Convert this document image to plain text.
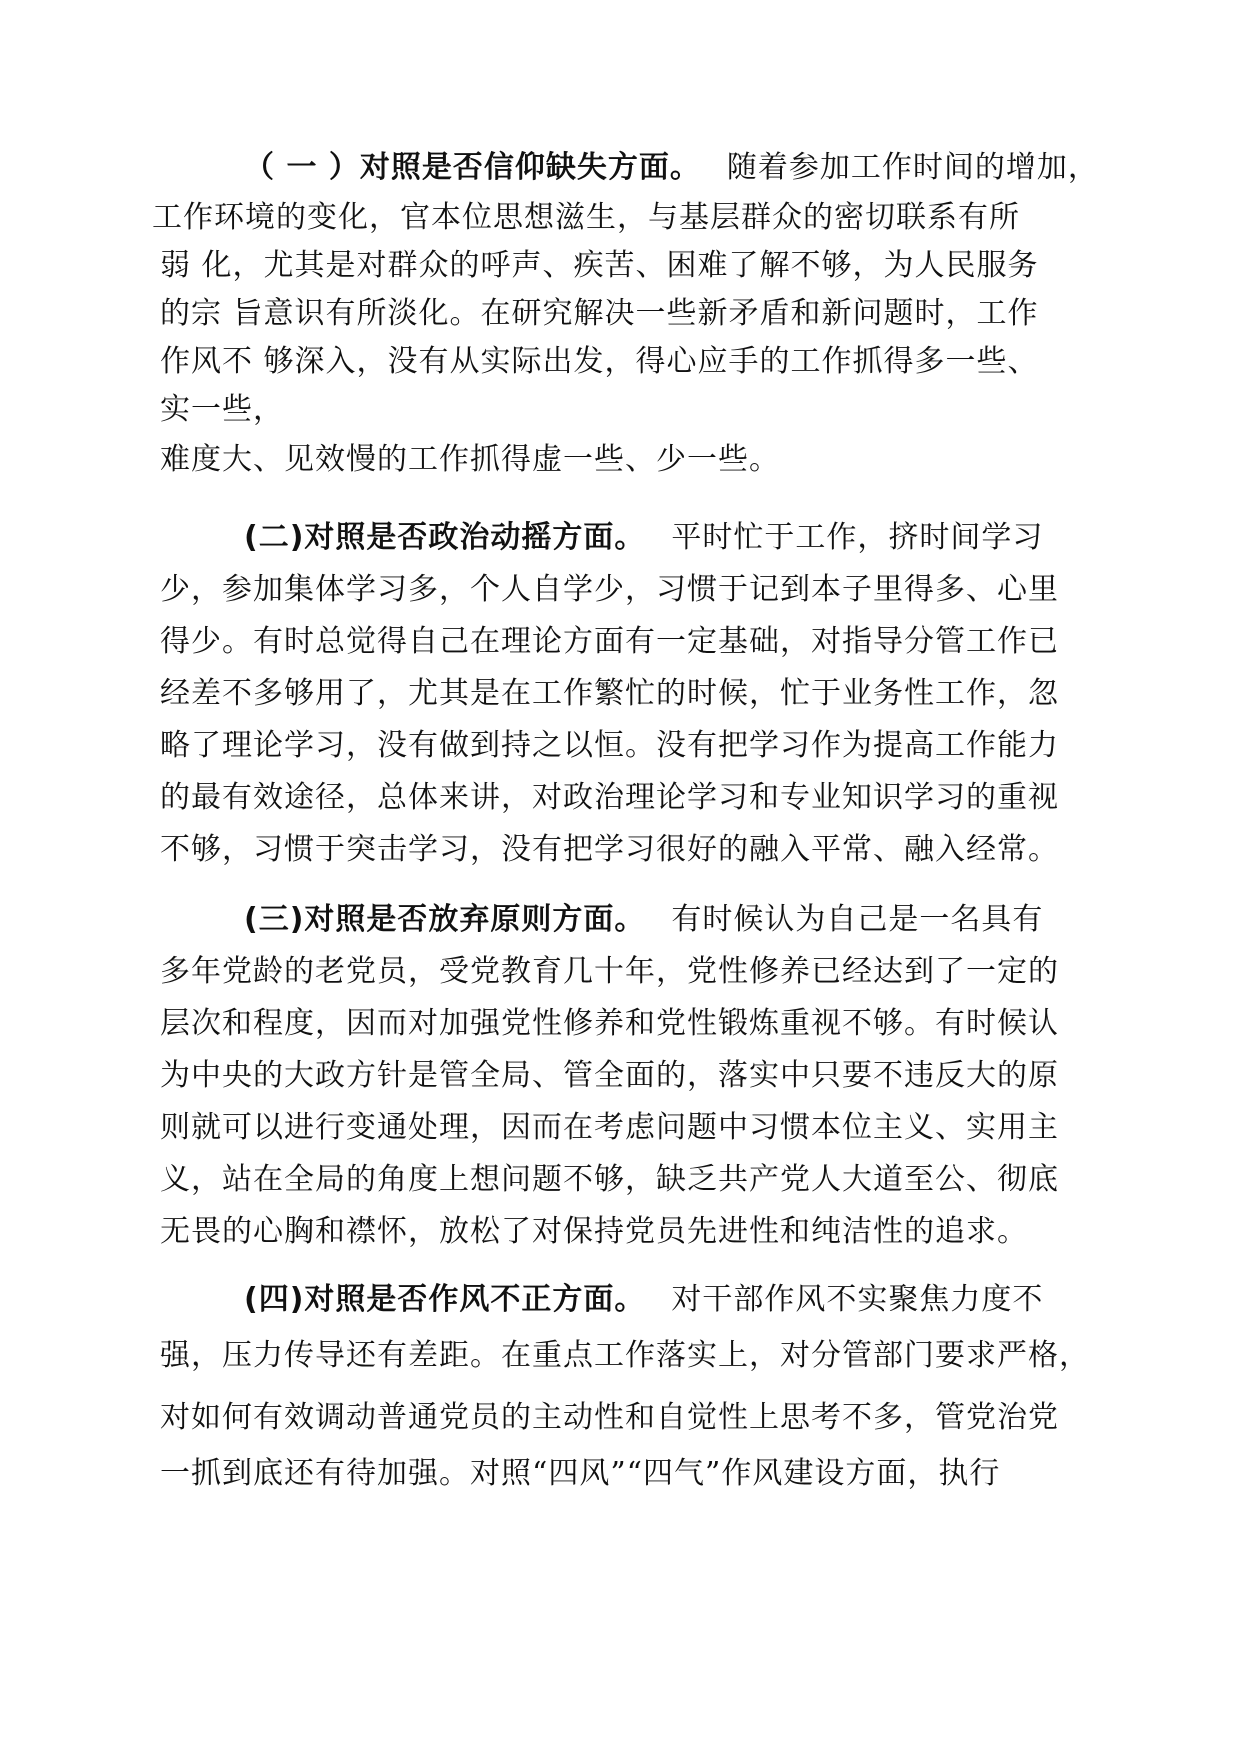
（ 一 ）对照是否信仰缺失方面。 随着参加工作时间的增加，
工作环境的变化，官本位思想滋生，与基层群众的密切联系有所
弱 化，尤其是对群众的呼声、疾苦、困难了解不够，为人民服务
的宗 旨意识有所淡化。在研究解决一些新矛盾和新问题时，工作
作风不 够深入，没有从实际出发，得心应手的工作抓得多一些、
实一些，
难度大、见效慢的工作抓得虚一些、少一些。
(二)对照是否政治动摇方面。 平时忙于工作，挤时间学习
少，参加集体学习多，个人自学少，习惯于记到本子里得多、心里
得少。有时总觉得自己在理论方面有一定基础，对指导分管工作已
经差不多够用了，尤其是在工作繁忙的时候，忙于业务性工作，忽
略了理论学习，没有做到持之以恒。没有把学习作为提高工作能力
的最有效途径，总体来讲，对政治理论学习和专业知识学习的重视
不够，习惯于突击学习，没有把学习很好的融入平常、融入经常。
(三)对照是否放弃原则方面。 有时候认为自己是一名具有
多年党龄的老党员，受党教育几十年，党性修养已经达到了一定的
层次和程度，因而对加强党性修养和党性锻炼重视不够。有时候认
为中央的大政方针是管全局、管全面的，落实中只要不违反大的原
则就可以进行变通处理，因而在考虑问题中习惯本位主义、实用主
义，站在全局的角度上想问题不够，缺乏共产党人大道至公、彻底
无畏的心胸和襟怀，放松了对保持党员先进性和纯洁性的追求。
(四)对照是否作风不正方面。 对干部作风不实聚焦力度不
强，压力传导还有差距。在重点工作落实上，对分管部门要求严格，
对如何有效调动普通党员的主动性和自觉性上思考不多，管党治党
一抓到底还有待加强。对照“四风”“四气”作风建设方面，执行
